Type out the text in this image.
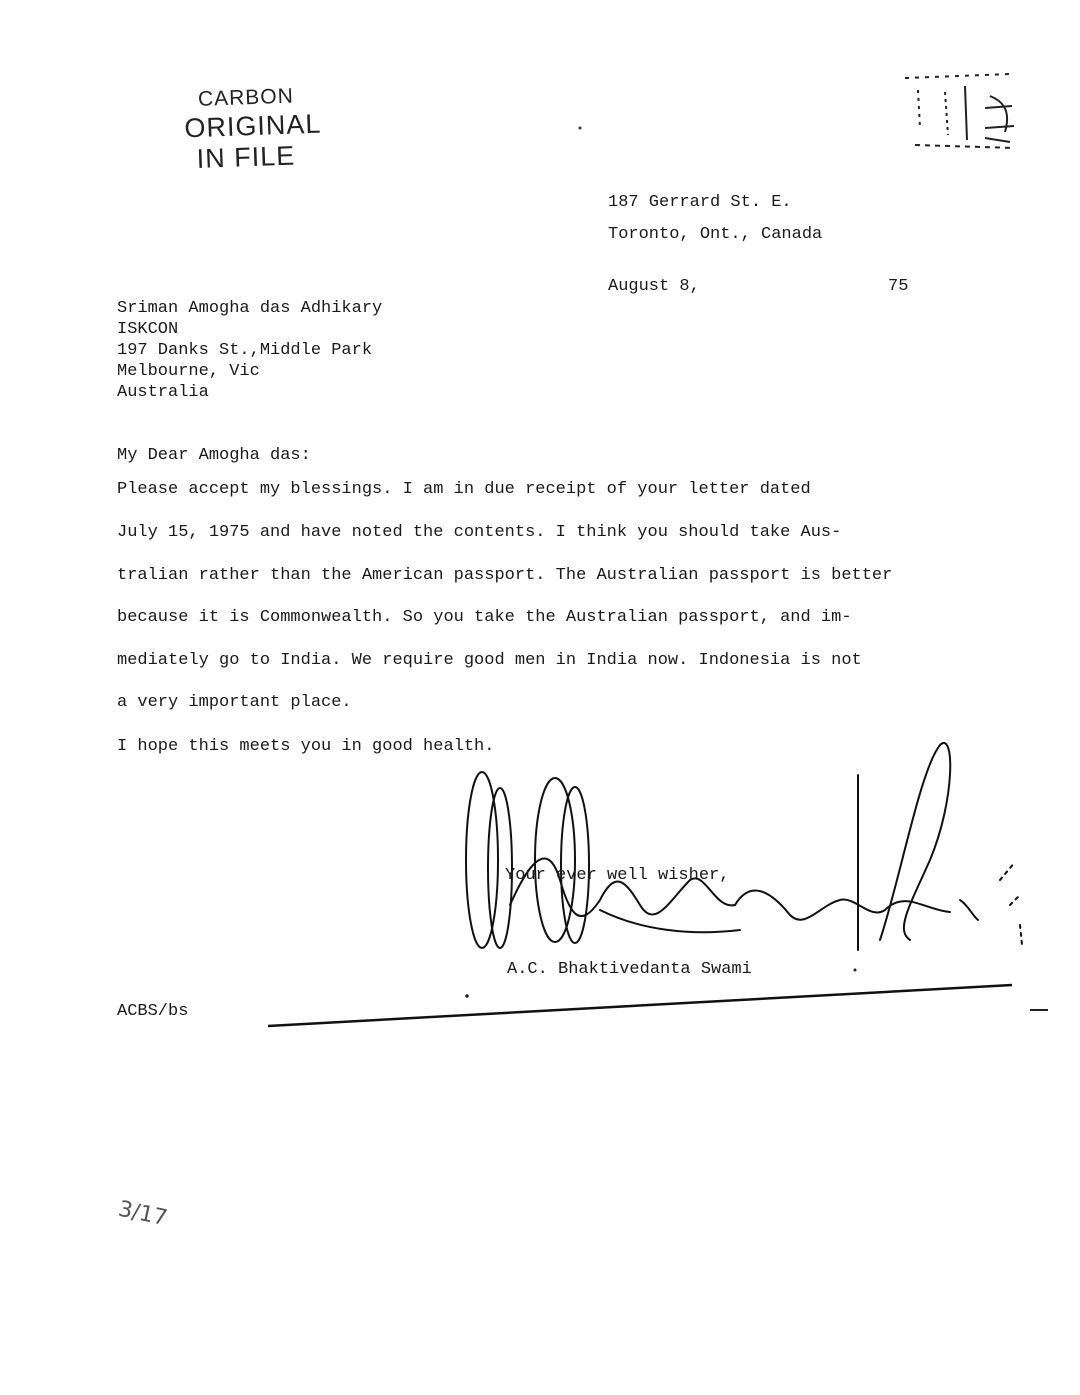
CARBON
ORIGINAL
IN FILE
3/17
187 Gerrard St. E.
Toronto, Ont., Canada
August 8,	75
Sriman Amogha das Adhikary
ISKCON
197 Danks St.,Middle Park
Melbourne, Vic
Australia
My Dear Amogha das:
Please accept my blessings. I am in due receipt of your letter dated
July 15, 1975 and have noted the contents. I think you should take Aus-
tralian rather than the American passport. The Australian passport is better
because it is Commonwealth. So you take the Australian passport, and im-
mediately go to India. We require good men in India now. Indonesia is not
a very important place.
I hope this meets you in good health.
Your ever well wisher,
A.C. Bhaktivedanta Swami
ACBS/bs
